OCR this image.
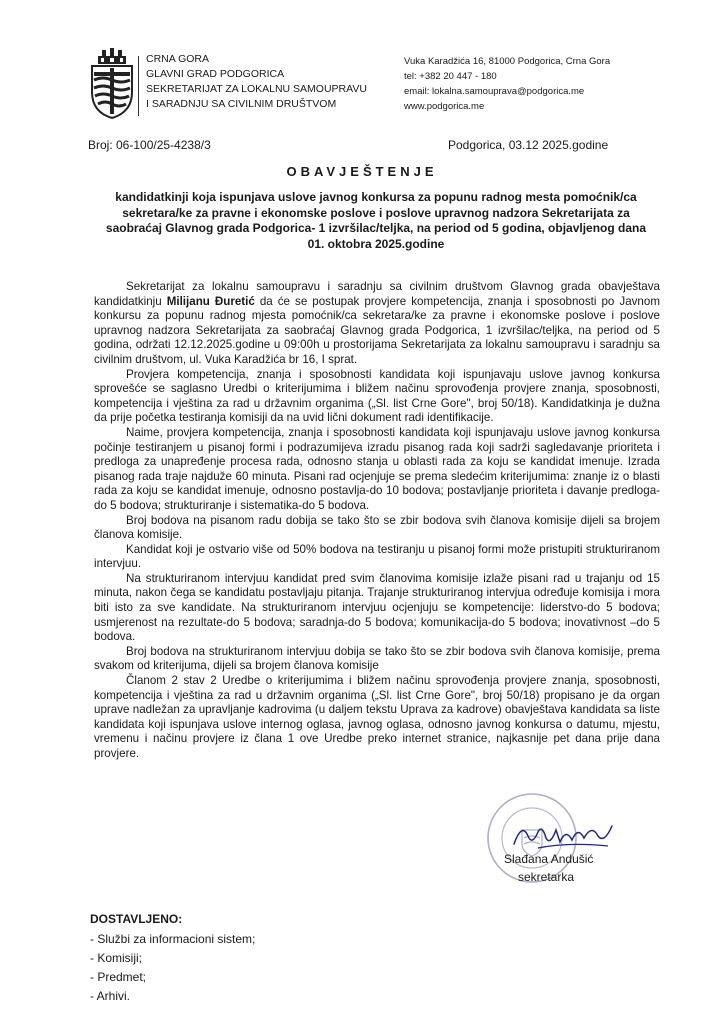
CRNA GORA
GLAVNI GRAD PODGORICA
SEKRETARIJAT ZA LOKALNU SAMOUPRAVU
I SARADNJU SA CIVILNIM DRUŠTVOM
Vuka Karadžića 16, 81000 Podgorica, Crna Gora
tel: +382 20 447 - 180
email: lokalna.samouprava@podgorica.me
www.podgorica.me
Broj: 06-100/25-4238/3	Podgorica, 03.12 2025.godine
OBAVJEŠTENJE
kandidatkinji koja ispunjava uslove javnog konkursa za popunu radnog mesta pomoćnik/ca sekretara/ke za pravne i ekonomske poslove i poslove upravnog nadzora Sekretarijata za saobraćaj Glavnog grada Podgorica- 1 izvršilac/teljka, na period od 5 godina, objavljenog dana 01. oktobra 2025.godine

Sekretarijat za lokalnu samoupravu i saradnju sa civilnim društvom Glavnog grada obavještava kandidatkinju Milijanu Đuretić da će se postupak provjere kompetencija, znanja i sposobnosti po Javnom konkursu za popunu radnog mjesta pomoćnik/ca sekretara/ke za pravne i ekonomske poslove i poslove upravnog nadzora Sekretarijata za saobraćaj Glavnog grada Podgorica, 1 izvršilac/teljka, na period od 5 godina, održati 12.12.2025.godine u 09:00h u prostorijama Sekretarijata za lokalnu samoupravu i saradnju sa civilnim društvom, ul. Vuka Karadžića br 16, I sprat.

Provjera kompetencija, znanja i sposobnosti kandidata koji ispunjavaju uslove javnog konkursa sprovešće se saglasno Uredbi o kriterijumima i bližem načinu sprovođenja provjere znanja, sposobnosti, kompetencija i vještina za rad u državnim organima („Sl. list Crne Gore", broj 50/18). Kandidatkinja je dužna da prije početka testiranja komisiji da na uvid lični dokument radi identifikacije.

Naime, provjera kompetencija, znanja i sposobnosti kandidata koji ispunjavaju uslove javnog konkursa počinje testiranjem u pisanoj formi i podrazumijeva izradu pisanog rada koji sadrži sagledavanje prioriteta i predloga za unapređenje procesa rada, odnosno stanja u oblasti rada za koju se kandidat imenuje. Izrada pisanog rada traje najduže 60 minuta. Pisani rad ocjenjuje se prema sledećim kriterijumima: znanje iz o blasti rada za koju se kandidat imenuje, odnosno postavlja-do 10 bodova; postavljanje prioriteta i davanje predloga-do 5 bodova; strukturiranje i sistematika-do 5 bodova.

Broj bodova na pisanom radu dobija se tako što se zbir bodova svih članova komisije dijeli sa brojem članova komisije.

Kandidat koji je ostvario više od 50% bodova na testiranju u pisanoj formi može pristupiti strukturiranom intervjuu.

Na strukturiranom intervjuu kandidat pred svim članovima komisije izlaže pisani rad u trajanju od 15 minuta, nakon čega se kandidatu postavljaju pitanja. Trajanje strukturiranog intervjua određuje komisija i mora biti isto za sve kandidate. Na strukturiranom intervjuu ocjenjuju se kompetencije: liderstvo-do 5 bodova; usmjerenost na rezultate-do 5 bodova; saradnja-do 5 bodova; komunikacija-do 5 bodova; inovativnost –do 5 bodova.

Broj bodova na strukturiranom intervjuu dobija se tako što se zbir bodova svih članova komisije, prema svakom od kriterijuma, dijeli sa brojem članova komisije

Članom 2 stav 2 Uredbe o kriterijumima i bližem načinu sprovođenja provjere znanja, sposobnosti, kompetencija i vještina za rad u državnim organima („Sl. list Crne Gore", broj 50/18) propisano je da organ uprave nadležan za upravljanje kadrovima (u daljem tekstu Uprava za kadrove) obavještava kandidata sa liste kandidata koji ispunjava uslove internog oglasa, javnog oglasa, odnosno javnog konkursa o datumu, mjestu, vremenu i načinu provjere iz člana 1 ove Uredbe preko internet stranice, najkasnije pet dana prije dana provjere.

Slađana Andušić
sekretarka
DOSTAVLJENO:
- Službi za informacioni sistem;
- Komisiji;
- Predmet;
- Arhivi.
